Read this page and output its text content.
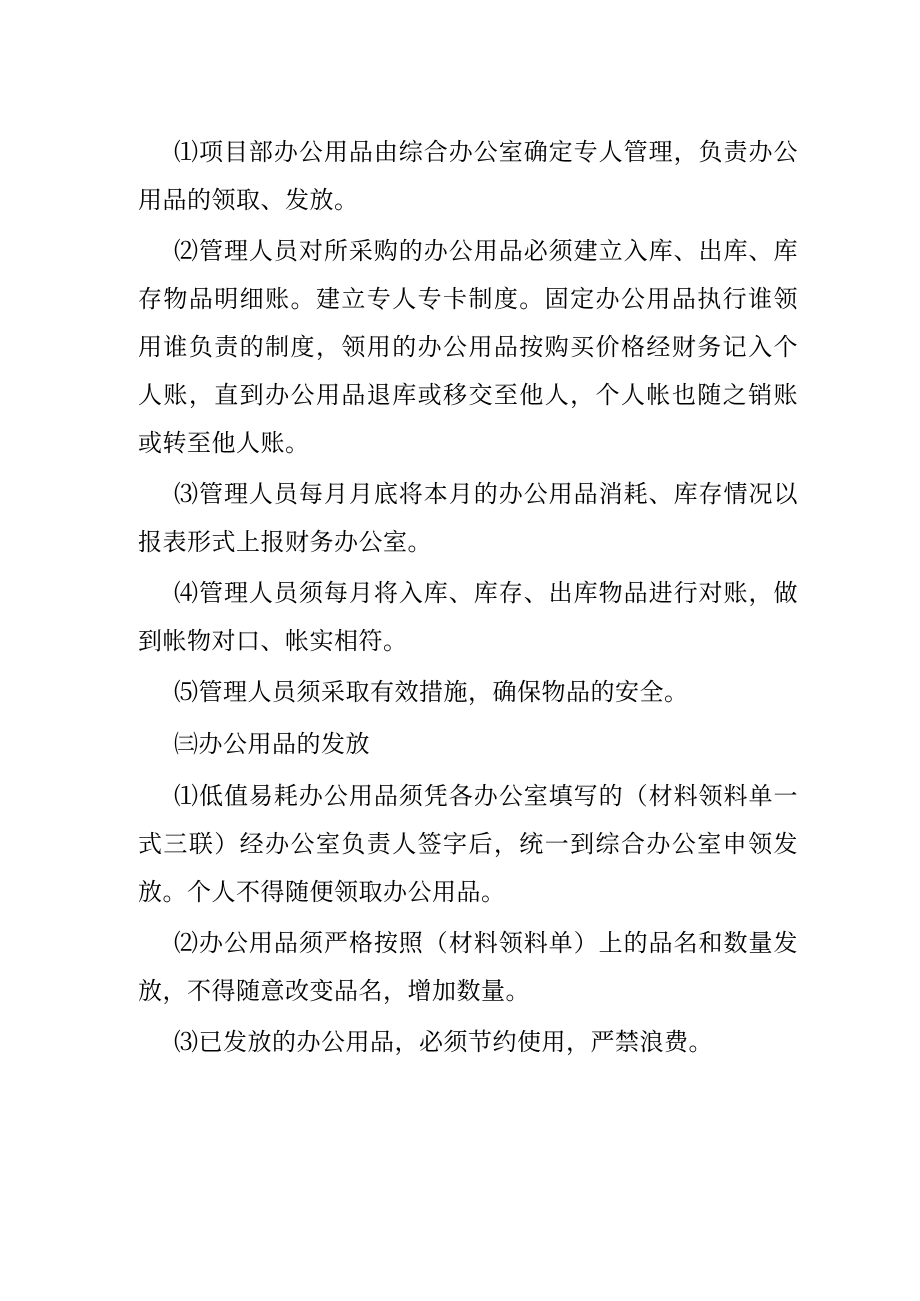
⑴项目部办公用品由综合办公室确定专人管理，负责办公用品的领取、发放。

⑵管理人员对所采购的办公用品必须建立入库、出库、库存物品明细账。建立专人专卡制度。固定办公用品执行谁领用谁负责的制度，领用的办公用品按购买价格经财务记入个人账，直到办公用品退库或移交至他人，个人帐也随之销账或转至他人账。

⑶管理人员每月月底将本月的办公用品消耗、库存情况以报表形式上报财务办公室。

⑷管理人员须每月将入库、库存、出库物品进行对账，做到帐物对口、帐实相符。

⑸管理人员须采取有效措施，确保物品的安全。

㈢办公用品的发放

⑴低值易耗办公用品须凭各办公室填写的（材料领料单一式三联）经办公室负责人签字后，统一到综合办公室申领发放。个人不得随便领取办公用品。

⑵办公用品须严格按照（材料领料单）上的品名和数量发放，不得随意改变品名，增加数量。

⑶已发放的办公用品，必须节约使用，严禁浪费。
